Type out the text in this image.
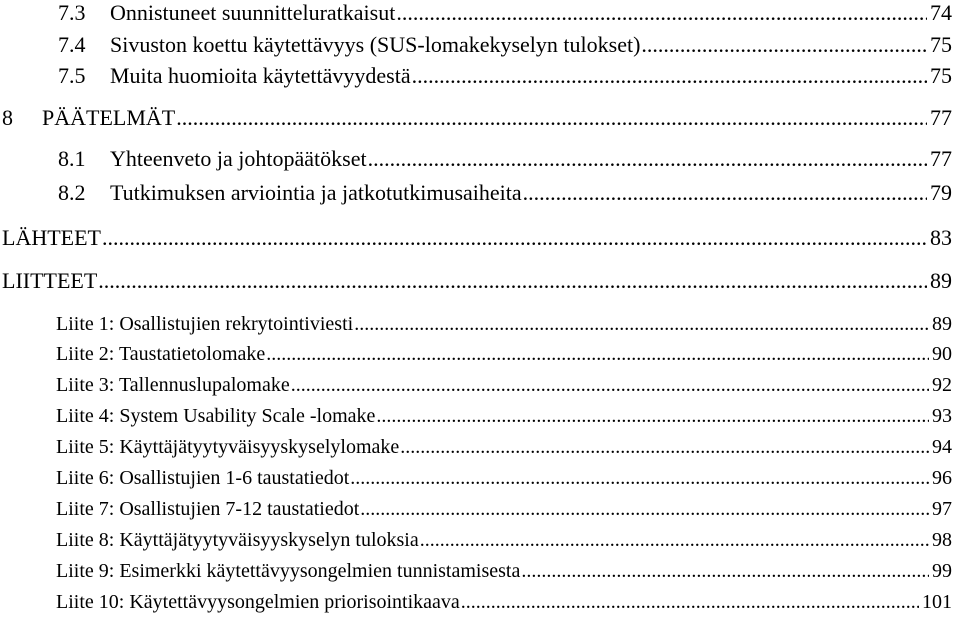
7.3	Onnistuneet suunnitteluratkaisut .....	74
7.4	Sivuston koettu käytettävyys (SUS-lomakekyselyn tulokset) .....	75
7.5	Muita huomioita käytettävyydestä .....	75
8	PÄÄTELMÄT .....	77
8.1	Yhteenveto ja johtopäätökset .....	77
8.2	Tutkimuksen arviointia ja jatkotutkimusaiheita .....	79
LÄHTEET .....	83
LIITTEET .....	89
Liite 1: Osallistujien rekrytointiviesti .....	89
Liite 2: Taustatietolomake .....	90
Liite 3: Tallennuslupalomake .....	92
Liite 4: System Usability Scale -lomake .....	93
Liite 5: Käyttäjätyytyväisyyskyselylomake .....	94
Liite 6: Osallistujien 1-6 taustatiedot .....	96
Liite 7: Osallistujien 7-12 taustatiedot .....	97
Liite 8: Käyttäjätyytyväisyyskyselyn tuloksia .....	98
Liite 9: Esimerkki käytettävyysongelmien tunnistamisesta .....	99
Liite 10: Käytettävyysongelmien priorisointikaava .....	101
